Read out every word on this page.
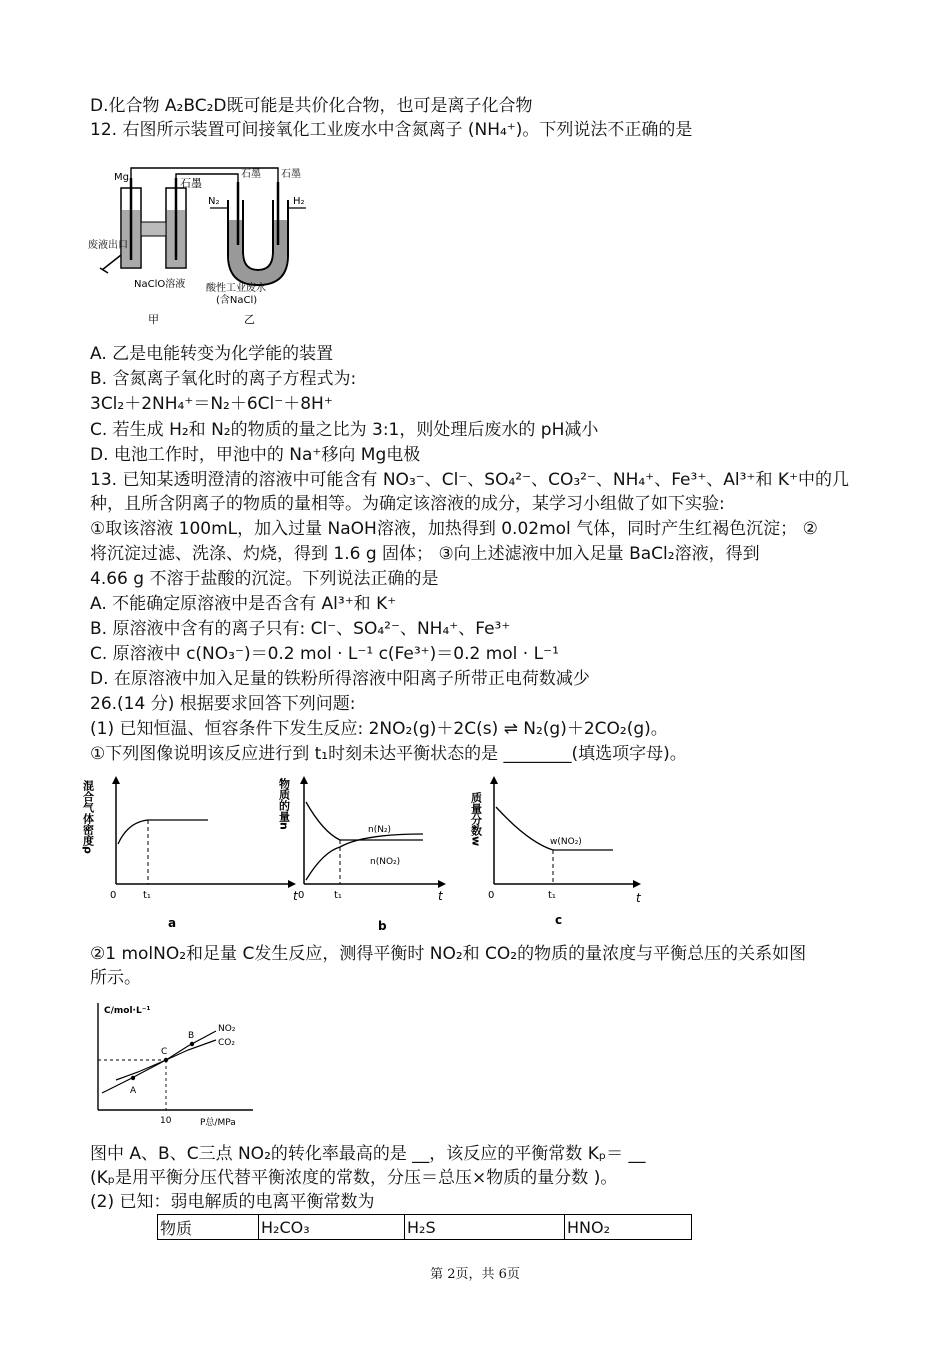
D.化合物 A₂BC₂D既可能是共价化合物，也可是离子化合物
12. 右图所示装置可间接氧化工业废水中含氮离子 (NH₄⁺)。下列说法不正确的是
Mg	石墨
石墨 石墨
N₂	H₂
废液出口
NaClO溶液 酸性工业废水
(含NaCl)
甲	乙
A. 乙是电能转变为化学能的装置
B. 含氮离子氧化时的离子方程式为:
3Cl₂＋2NH₄⁺＝N₂＋6Cl⁻＋8H⁺
C. 若生成 H₂和 N₂的物质的量之比为 3:1，则处理后废水的 pH减小
D. 电池工作时，甲池中的 Na⁺移向 Mg电极
13. 已知某透明澄清的溶液中可能含有 NO₃⁻、Cl⁻、SO₄²⁻、CO₃²⁻、NH₄⁺、Fe³⁺、Al³⁺和 K⁺中的几
种，且所含阴离子的物质的量相等。为确定该溶液的成分，某学习小组做了如下实验:
①取该溶液 100mL，加入过量 NaOH溶液，加热得到 0.02mol 气体，同时产生红褐色沉淀； ②
将沉淀过滤、洗涤、灼烧，得到 1.6 g 固体； ③向上述滤液中加入足量 BaCl₂溶液，得到
4.66 g 不溶于盐酸的沉淀。下列说法正确的是
A. 不能确定原溶液中是否含有 Al³⁺和 K⁺
B. 原溶液中含有的离子只有: Cl⁻、SO₄²⁻、NH₄⁺、Fe³⁺
C. 原溶液中 c(NO₃⁻)＝0.2 mol · L⁻¹ c(Fe³⁺)＝0.2 mol · L⁻¹
D. 在原溶液中加入足量的铁粉所得溶液中阳离子所带正电荷数减少
26.(14 分) 根据要求回答下列问题:
(1) 已知恒温、恒容条件下发生反应: 2NO₂(g)＋2C(s) ⇌ N₂(g)＋2CO₂(g)。
①下列图像说明该反应进行到 t₁时刻未达平衡状态的是 ________(填选项字母)。
混合气体密度ρ
0	t₁	t
a
物质的量n
n(N₂)
n(NO₂)
0	t₁	t
b
质量分数w	w(NO₂)
0	t₁	t
c
②1 molNO₂和足量 C发生反应，测得平衡时 NO₂和 CO₂的物质的量浓度与平衡总压的关系如图
所示。
C/mol·L⁻¹
NO₂
CO₂
A
C
B
10	P总/MPa
图中 A、B、C三点 NO₂的转化率最高的是 __，该反应的平衡常数 Kₚ＝ __
(Kₚ是用平衡分压代替平衡浓度的常数，分压＝总压×物质的量分数 )。
(2) 已知：弱电解质的电离平衡常数为
物质	H₂CO₃	H₂S	HNO₂
第 2页，共 6页
